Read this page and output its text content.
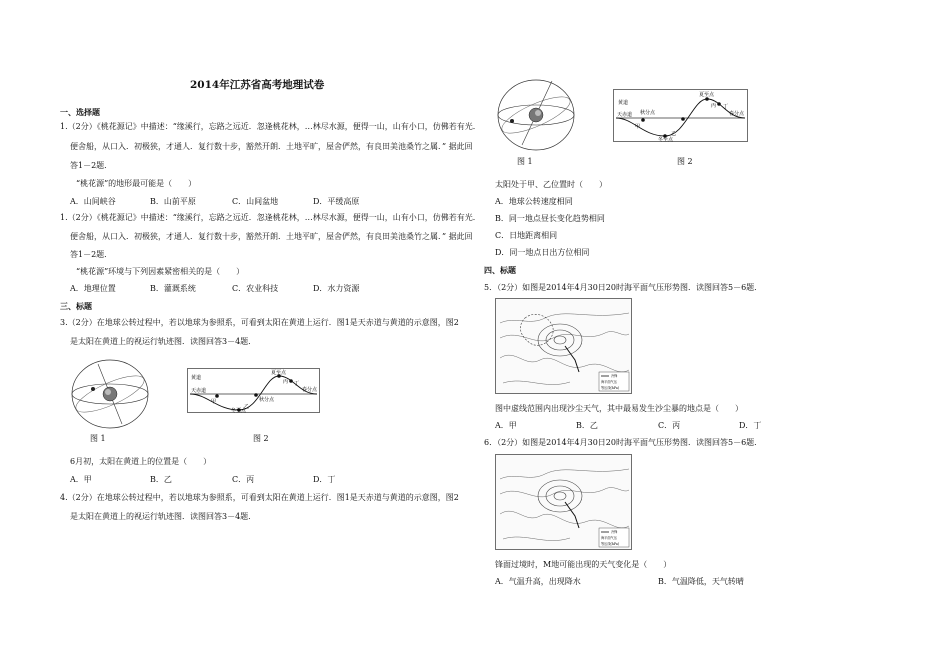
2014年江苏省高考地理试卷
一、选择题
1.（2分）《桃花源记》中描述：“缘溪行，忘路之远近．忽逢桃花林，…林尽水源，便得一山，山有小口，仿佛若有光．
便舍船，从口入．初极狭，才通人．复行数十步，豁然开朗．土地平旷，屋舍俨然，有良田美池桑竹之属．” 据此回
答1－2题．
“桃花源”的地形最可能是（　　）
A．山间峡谷	B．山前平原	C．山间盆地	D．平缓高原
1.（2分）《桃花源记》中描述：“缘溪行，忘路之远近．忽逢桃花林，…林尽水源，便得一山，山有小口，仿佛若有光．
便舍船，从口入．初极狭，才通人．复行数十步，豁然开朗．土地平旷，屋舍俨然，有良田美池桑竹之属．” 据此回
答1－2题．
“桃花源”环境与下列因素紧密相关的是（　　）
A．地理位置	B．灌溉系统	C．农业科技	D．水力资源
三、标题
3.（2分）在地球公转过程中，若以地球为参照系，可看到太阳在黄道上运行．图1是天赤道与黄道的示意图，图2
是太阳在黄道上的视运行轨迹图．读图回答3－4题．
图 1
黄道
天赤道
夏至点
冬至点
春分点
秋分点
甲
乙
丙 丁
图 2
6月初，太阳在黄道上的位置是（　　）
A．甲	B．乙	C．丙	D．丁
4.（2分）在地球公转过程中，若以地球为参照系，可看到太阳在黄道上运行．图1是天赤道与黄道的示意图，图2
是太阳在黄道上的视运行轨迹图．读图回答3－4题．
图 1
黄道
天赤道
夏至点
冬至点
春分点
秋分点
甲
乙
丙 丁
图 2
太阳处于甲、乙位置时（　　）
A．地球公转速度相同
B．同一地点昼长变化趋势相同
C．日地距离相同
D．同一地点日出方位相同
四、标题
5．（2分）如图是2014年4月30日20时海平面气压形势图．读图回答5－6题．
冷锋
海平面气压
等压线(hPa)
图中虚线范围内出现沙尘天气，其中最易发生沙尘暴的地点是（　　）
A．甲	B．乙	C．丙	D．丁
6．（2分）如图是2014年4月30日20时海平面气压形势图．读图回答5－6题．
冷锋
海平面气压
等压线(hPa)
锋面过境时，M地可能出现的天气变化是（　　）
A．气温升高，出现降水	B．气温降低，天气转晴
